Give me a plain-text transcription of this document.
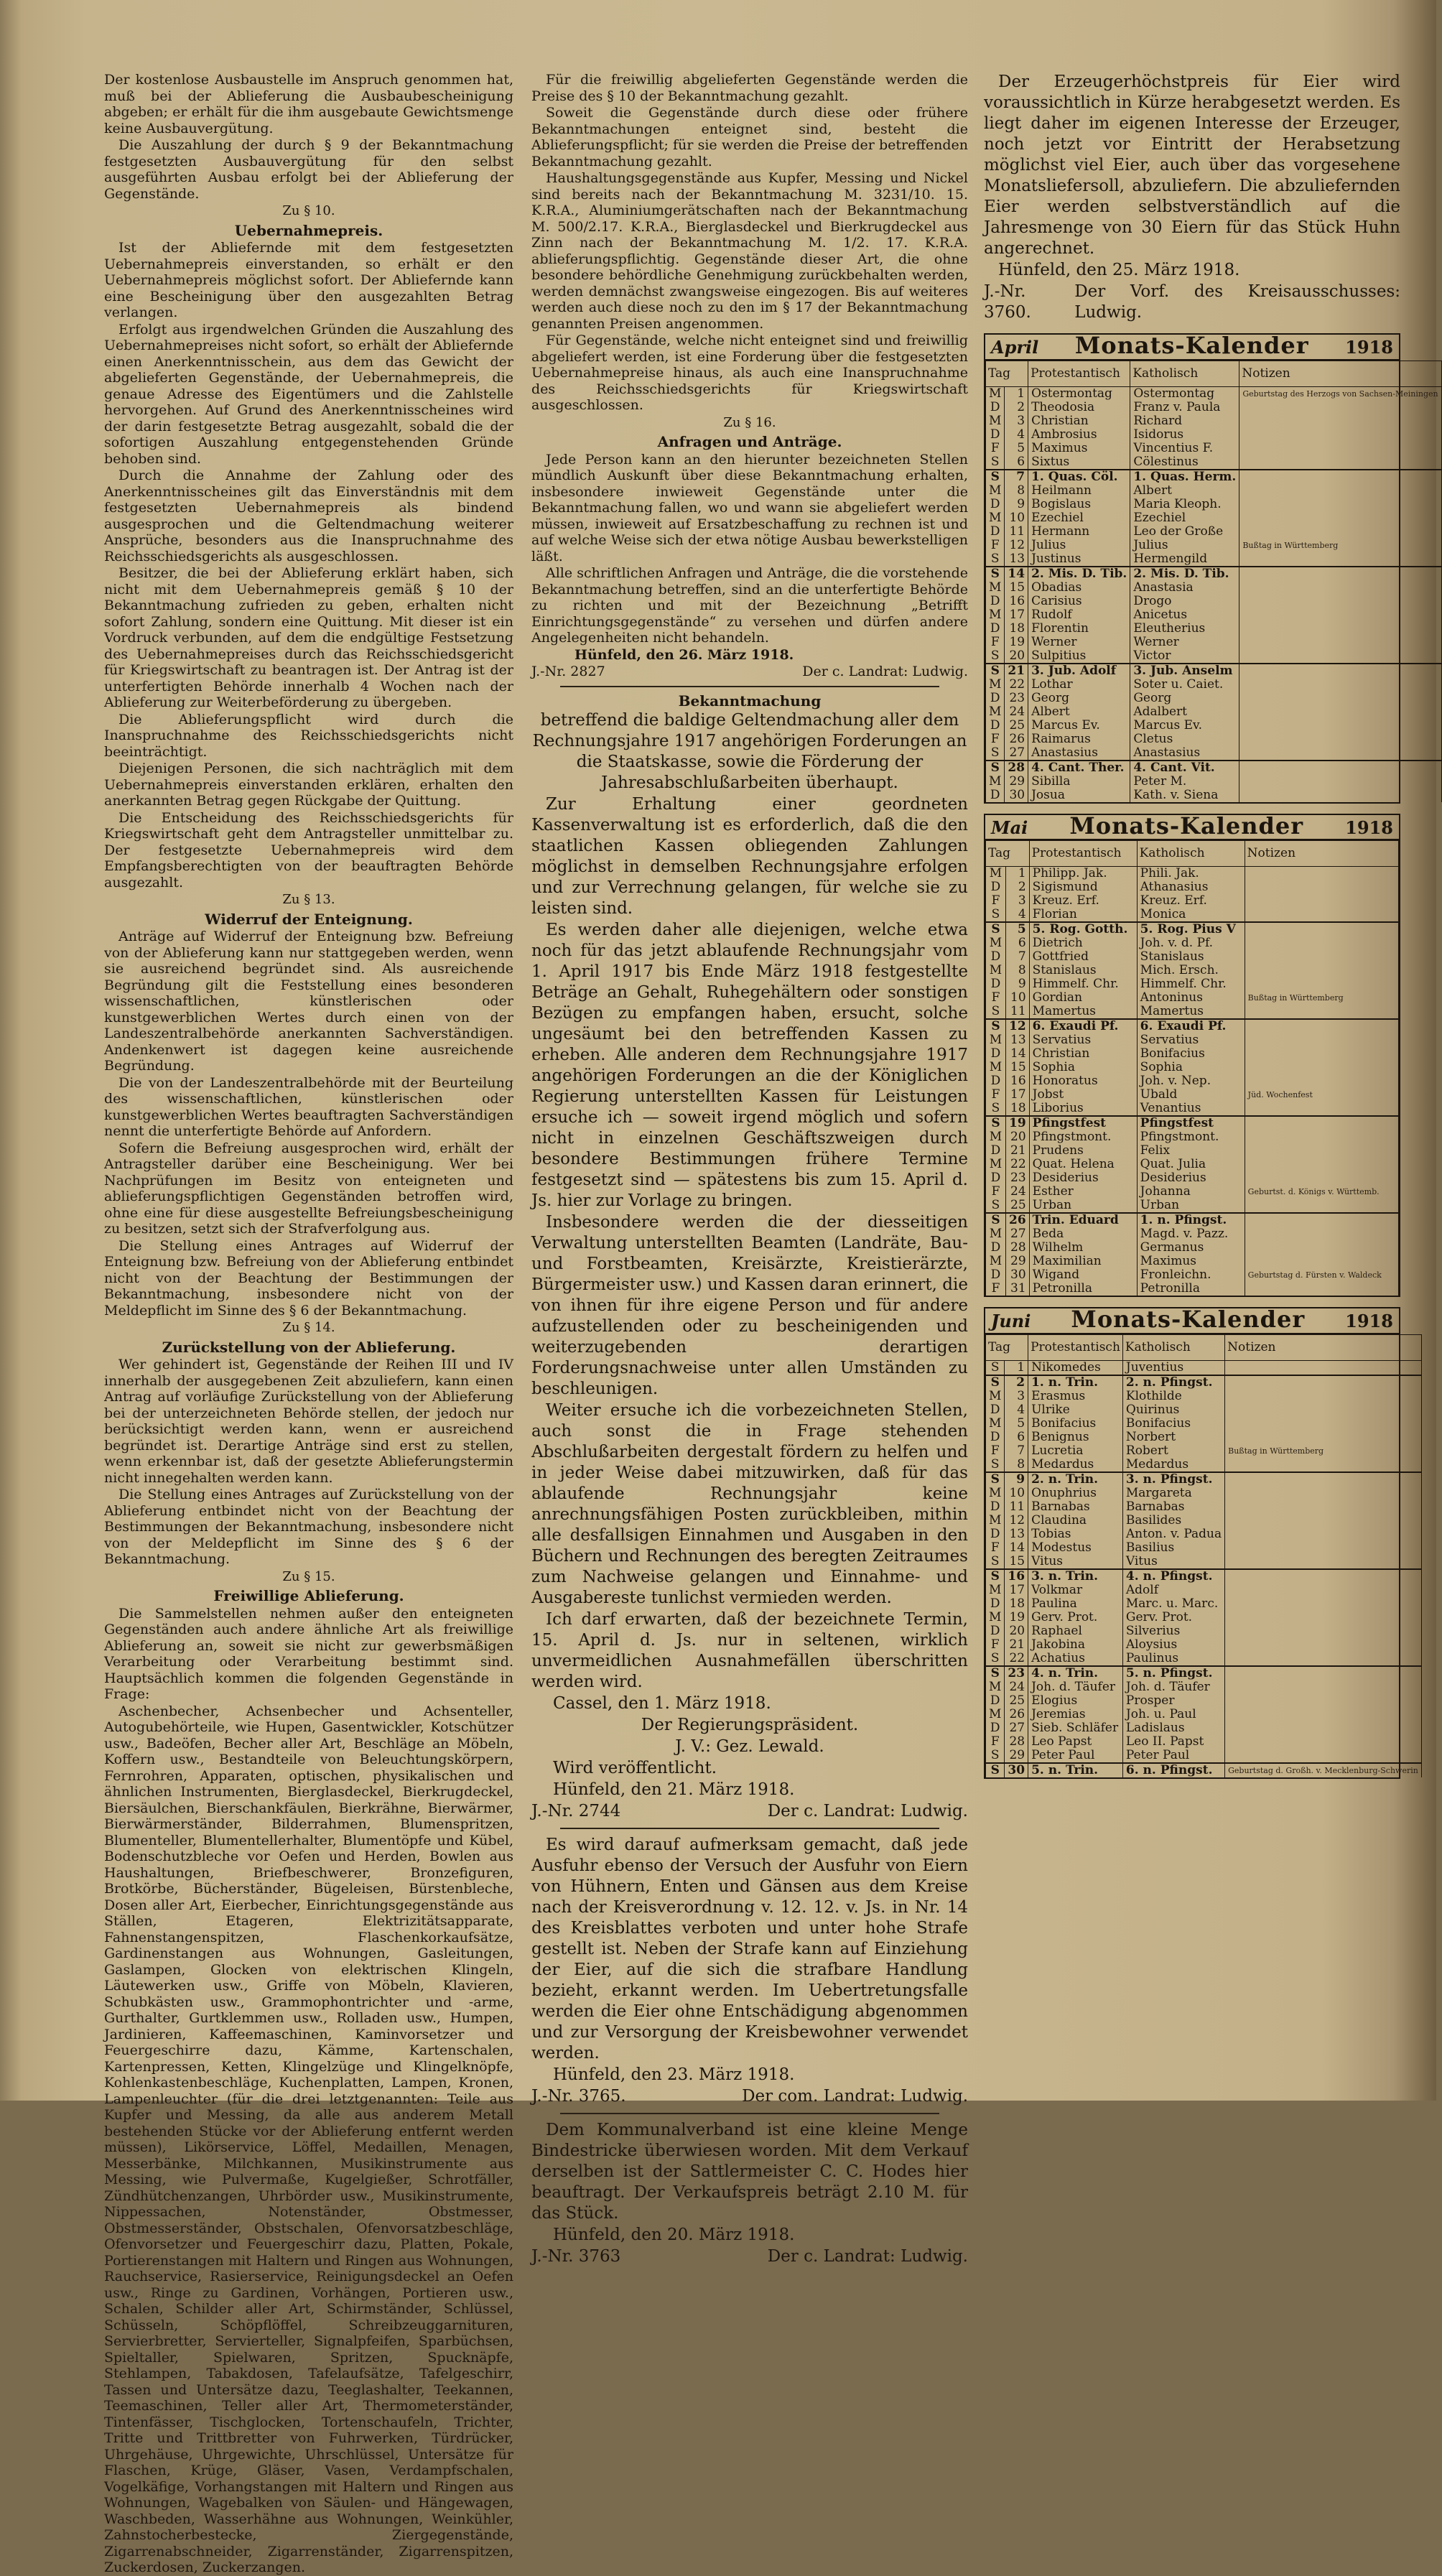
Der kostenlose Ausbaustelle im Anspruch genommen hat, muß bei der Ablieferung die Ausbaubescheinigung abgeben; er erhält für die ihm ausgebaute Gewichtsmenge keine Ausbauvergütung.

Die Auszahlung der durch § 9 der Bekanntmachung festgesetzten Ausbauvergütung für den selbst ausgeführten Ausbau erfolgt bei der Ablieferung der Gegenstände.

Zu § 10.
Uebernahmepreis.

Ist der Abliefernde mit dem festgesetzten Uebernahmepreis einverstanden, so erhält er den Uebernahmepreis möglichst sofort. Der Abliefernde kann eine Bescheinigung über den ausgezahlten Betrag verlangen.

Erfolgt aus irgendwelchen Gründen die Auszahlung des Uebernahmepreises nicht sofort, so erhält der Abliefernde einen Anerkenntnisschein, aus dem das Gewicht der abgelieferten Gegenstände, der Uebernahmepreis, die genaue Adresse des Eigentümers und die Zahlstelle hervorgehen. Auf Grund des Anerkenntnisscheines wird der darin festgesetzte Betrag ausgezahlt, sobald die der sofortigen Auszahlung entgegenstehenden Gründe behoben sind.

Durch die Annahme der Zahlung oder des Anerkenntnisscheines gilt das Einverständnis mit dem festgesetzten Uebernahmepreis als bindend ausgesprochen und die Geltendmachung weiterer Ansprüche, besonders aus die Inanspruchnahme des Reichsschiedsgerichts als ausgeschlossen.

Besitzer, die bei der Ablieferung erklärt haben, sich nicht mit dem Uebernahmepreis gemäß § 10 der Bekanntmachung zufrieden zu geben, erhalten nicht sofort Zahlung, sondern eine Quittung. Mit dieser ist ein Vordruck verbunden, auf dem die endgültige Festsetzung des Uebernahmepreises durch das Reichsschiedsgericht für Kriegswirtschaft zu beantragen ist. Der Antrag ist der unterfertigten Behörde innerhalb 4 Wochen nach der Ablieferung zur Weiterbeförderung zu übergeben.

Die Ablieferungspflicht wird durch die Inanspruchnahme des Reichsschiedsgerichts nicht beeinträchtigt.

Diejenigen Personen, die sich nachträglich mit dem Uebernahmepreis einverstanden erklären, erhalten den anerkannten Betrag gegen Rückgabe der Quittung.

Die Entscheidung des Reichsschiedsgerichts für Kriegswirtschaft geht dem Antragsteller unmittelbar zu. Der festgesetzte Uebernahmepreis wird dem Empfangsberechtigten von der beauftragten Behörde ausgezahlt.

Zu § 13.
Widerruf der Enteignung.

Anträge auf Widerruf der Enteignung bzw. Befreiung von der Ablieferung kann nur stattgegeben werden, wenn sie ausreichend begründet sind. Als ausreichende Begründung gilt die Feststellung eines besonderen wissenschaftlichen, künstlerischen oder kunstgewerblichen Wertes durch einen von der Landeszentralbehörde anerkannten Sachverständigen. Andenkenwert ist dagegen keine ausreichende Begründung.

Die von der Landeszentralbehörde mit der Beurteilung des wissenschaftlichen, künstlerischen oder kunstgewerblichen Wertes beauftragten Sachverständigen nennt die unterfertigte Behörde auf Anfordern.

Sofern die Befreiung ausgesprochen wird, erhält der Antragsteller darüber eine Bescheinigung. Wer bei Nachprüfungen im Besitz von enteigneten und ablieferungspflichtigen Gegenständen betroffen wird, ohne eine für diese ausgestellte Befreiungsbescheinigung zu besitzen, setzt sich der Strafverfolgung aus.

Die Stellung eines Antrages auf Widerruf der Enteignung bzw. Befreiung von der Ablieferung entbindet nicht von der Beachtung der Bestimmungen der Bekanntmachung, insbesondere nicht von der Meldepflicht im Sinne des § 6 der Bekanntmachung.

Zu § 14.
Zurückstellung von der Ablieferung.

Wer gehindert ist, Gegenstände der Reihen III und IV innerhalb der ausgegebenen Zeit abzuliefern, kann einen Antrag auf vorläufige Zurückstellung von der Ablieferung bei der unterzeichneten Behörde stellen, der jedoch nur berücksichtigt werden kann, wenn er ausreichend begründet ist. Derartige Anträge sind erst zu stellen, wenn erkennbar ist, daß der gesetzte Ablieferungstermin nicht innegehalten werden kann.

Die Stellung eines Antrages auf Zurückstellung von der Ablieferung entbindet nicht von der Beachtung der Bestimmungen der Bekanntmachung, insbesondere nicht von der Meldepflicht im Sinne des § 6 der Bekanntmachung.

Zu § 15.
Freiwillige Ablieferung.

Die Sammelstellen nehmen außer den enteigneten Gegenständen auch andere ähnliche Art als freiwillige Ablieferung an, soweit sie nicht zur gewerbsmäßigen Verarbeitung oder Verarbeitung bestimmt sind. Hauptsächlich kommen die folgenden Gegenstände in Frage:

Aschenbecher, Achsenbecher und Achsenteller, Autogubehörteile, wie Hupen, Gasentwickler, Kotschützer usw., Badeöfen, Becher aller Art, Beschläge an Möbeln, Koffern usw., Bestandteile von Beleuchtungskörpern, Fernrohren, Apparaten, optischen, physikalischen und ähnlichen Instrumenten, Bierglasdeckel, Bierkrugdeckel, Biersäulchen, Bierschankfäulen, Bierkrähne, Bierwärmer, Bierwärmerständer, Bilderrahmen, Blumenspritzen, Blumenteller, Blumentellerhalter, Blumentöpfe und Kübel, Bodenschutzbleche vor Oefen und Herden, Bowlen aus Haushaltungen, Briefbeschwerer, Bronzefiguren, Brotkörbe, Bücherständer, Bügeleisen, Bürstenbleche, Dosen aller Art, Eierbecher, Einrichtungsgegenstände aus Ställen, Etageren, Elektrizitätsapparate, Fahnenstangenspitzen, Flaschenkorkaufsätze, Gardinenstangen aus Wohnungen, Gasleitungen, Gaslampen, Glocken von elektrischen Klingeln, Läutewerken usw., Griffe von Möbeln, Klavieren, Schubkästen usw., Grammophontrichter und -arme, Gurthalter, Gurtklemmen usw., Rolladen usw., Humpen, Jardinieren, Kaffeemaschinen, Kaminvorsetzer und Feuergeschirre dazu, Kämme, Kartenschalen, Kartenpressen, Ketten, Klingelzüge und Klingelknöpfe, Kohlenkastenbeschläge, Kuchenplatten, Lampen, Kronen, Lampenleuchter (für die drei letztgenannten: Teile aus Kupfer und Messing, da alle aus anderem Metall bestehenden Stücke vor der Ablieferung entfernt werden müssen), Likörservice, Löffel, Medaillen, Menagen, Messerbänke, Milchkannen, Musikinstrumente aus Messing, wie Pulvermaße, Kugelgießer, Schrotfäller, Zündhütchenzangen, Uhrbörder usw., Musikinstrumente, Nippessachen, Notenständer, Obstmesser, Obstmesserständer, Obstschalen, Ofenvorsatzbeschläge, Ofenvorsetzer und Feuergeschirr dazu, Platten, Pokale, Portierenstangen mit Haltern und Ringen aus Wohnungen, Rauchservice, Rasierservice, Reinigungsdeckel an Oefen usw., Ringe zu Gardinen, Vorhängen, Portieren usw., Schalen, Schilder aller Art, Schirmständer, Schlüssel, Schüsseln, Schöpflöffel, Schreibzeuggarnituren, Servierbretter, Servierteller, Signalpfeifen, Sparbüchsen, Spieltaller, Spielwaren, Spritzen, Spucknäpfe, Stehlampen, Tabakdosen, Tafelaufsätze, Tafelgeschirr, Tassen und Untersätze dazu, Teeglashalter, Teekannen, Teemaschinen, Teller aller Art, Thermometerständer, Tintenfässer, Tischglocken, Tortenschaufeln, Trichter, Tritte und Trittbretter von Fuhrwerken, Türdrücker, Uhrgehäuse, Uhrgewichte, Uhrschlüssel, Untersätze für Flaschen, Krüge, Gläser, Vasen, Verdampfschalen, Vogelkäfige, Vorhangstangen mit Haltern und Ringen aus Wohnungen, Wagebalken von Säulen- und Hängewagen, Waschbeden, Wasserhähne aus Wohnungen, Weinkühler, Zahnstocherbestecke, Ziergegenstände, Zigarrenabschneider, Zigarrenständer, Zigarrenspitzen, Zuckerdosen, Zuckerzangen.

Für die freiwillig abgelieferten Gegenstände werden die Preise des § 10 der Bekanntmachung gezahlt.

Soweit die Gegenstände durch diese oder frühere Bekanntmachungen enteignet sind, besteht die Ablieferungspflicht; für sie werden die Preise der betreffenden Bekanntmachung gezahlt.

Haushaltungsgegenstände aus Kupfer, Messing und Nickel sind bereits nach der Bekanntmachung M. 3231/10. 15. K.R.A., Aluminiumgerätschaften nach der Bekanntmachung M. 500/2.17. K.R.A., Bierglasdeckel und Bierkrugdeckel aus Zinn nach der Bekanntmachung M. 1/2. 17. K.R.A. ablieferungspflichtig. Gegenstände dieser Art, die ohne besondere behördliche Genehmigung zurückbehalten werden, werden demnächst zwangsweise eingezogen. Bis auf weiteres werden auch diese noch zu den im § 17 der Bekanntmachung genannten Preisen angenommen.

Für Gegenstände, welche nicht enteignet sind und freiwillig abgeliefert werden, ist eine Forderung über die festgesetzten Uebernahmepreise hinaus, als auch eine Inanspruchnahme des Reichsschiedsgerichts für Kriegswirtschaft ausgeschlossen.

Zu § 16.
Anfragen und Anträge.

Jede Person kann an den hierunter bezeichneten Stellen mündlich Auskunft über diese Bekanntmachung erhalten, insbesondere inwieweit Gegenstände unter die Bekanntmachung fallen, wo und wann sie abgeliefert werden müssen, inwieweit auf Ersatzbeschaffung zu rechnen ist und auf welche Weise sich der etwa nötige Ausbau bewerkstelligen läßt.

Alle schriftlichen Anfragen und Anträge, die die vorstehende Bekanntmachung betreffen, sind an die unterfertigte Behörde zu richten und mit der Bezeichnung „Betrifft Einrichtungsgegenstände“ zu versehen und dürfen andere Angelegenheiten nicht behandeln.

Hünfeld, den 26. März 1918.

J.-Nr. 2827	Der c. Landrat: Ludwig.
Bekanntmachung

betreffend die baldige Geltendmachung aller dem Rechnungsjahre 1917 angehörigen Forderungen an die Staatskasse, sowie die Förderung der Jahresabschlußarbeiten überhaupt.

Zur Erhaltung einer geordneten Kassenverwaltung ist es erforderlich, daß die den staatlichen Kassen obliegenden Zahlungen möglichst in demselben Rechnungsjahre erfolgen und zur Verrechnung gelangen, für welche sie zu leisten sind.

Es werden daher alle diejenigen, welche etwa noch für das jetzt ablaufende Rechnungsjahr vom 1. April 1917 bis Ende März 1918 festgestellte Beträge an Gehalt, Ruhegehältern oder sonstigen Bezügen zu empfangen haben, ersucht, solche ungesäumt bei den betreffenden Kassen zu erheben. Alle anderen dem Rechnungsjahre 1917 angehörigen Forderungen an die der Königlichen Regierung unterstellten Kassen für Leistungen ersuche ich — soweit irgend möglich und sofern nicht in einzelnen Geschäftszweigen durch besondere Bestimmungen frühere Termine festgesetzt sind — spätestens bis zum 15. April d. Js. hier zur Vorlage zu bringen.

Insbesondere werden die der diesseitigen Verwaltung unterstellten Beamten (Landräte, Bau- und Forstbeamten, Kreisärzte, Kreistierärzte, Bürgermeister usw.) und Kassen daran erinnert, die von ihnen für ihre eigene Person und für andere aufzustellenden oder zu bescheinigenden und weiterzugebenden derartigen Forderungsnachweise unter allen Umständen zu beschleunigen.

Weiter ersuche ich die vorbezeichneten Stellen, auch sonst die in Frage stehenden Abschlußarbeiten dergestalt fördern zu helfen und in jeder Weise dabei mitzuwirken, daß für das ablaufende Rechnungsjahr keine anrechnungsfähigen Posten zurückbleiben, mithin alle desfallsigen Einnahmen und Ausgaben in den Büchern und Rechnungen des beregten Zeitraumes zum Nachweise gelangen und Einnahme- und Ausgabereste tunlichst vermieden werden.

Ich darf erwarten, daß der bezeichnete Termin, 15. April d. Js. nur in seltenen, wirklich unvermeidlichen Ausnahmefällen überschritten werden wird.

Cassel, den 1. März 1918.

Der Regierungspräsident.

J. V.: Gez. Lewald.

Wird veröffentlicht.

Hünfeld, den 21. März 1918.

J.-Nr. 2744	Der c. Landrat: Ludwig.

Es wird darauf aufmerksam gemacht, daß jede Ausfuhr ebenso der Versuch der Ausfuhr von Eiern von Hühnern, Enten und Gänsen aus dem Kreise nach der Kreisverordnung v. 12. 12. v. Js. in Nr. 14 des Kreisblattes verboten und unter hohe Strafe gestellt ist. Neben der Strafe kann auf Einziehung der Eier, auf die sich die strafbare Handlung bezieht, erkannt werden. Im Uebertretungsfalle werden die Eier ohne Entschädigung abgenommen und zur Versorgung der Kreisbewohner verwendet werden.

Hünfeld, den 23. März 1918.

J.-Nr. 3765.	Der com. Landrat: Ludwig.

Dem Kommunalverband ist eine kleine Menge Bindestricke überwiesen worden. Mit dem Verkauf derselben ist der Sattlermeister C. C. Hodes hier beauftragt. Der Verkaufspreis beträgt 2.10 M. für das Stück.

Hünfeld, den 20. März 1918.

J.-Nr. 3763	Der c. Landrat: Ludwig.

Der Erzeugerhöchstpreis für Eier wird voraussichtlich in Kürze herabgesetzt werden. Es liegt daher im eigenen Interesse der Erzeuger, noch jetzt vor Eintritt der Herabsetzung möglichst viel Eier, auch über das vorgesehene Monatsliefersoll, abzuliefern. Die abzuliefernden Eier werden selbstverständlich auf die Jahresmenge von 30 Eiern für das Stück Huhn angerechnet.

Hünfeld, den 25. März 1918.

J.-Nr. 3760.
Der Vorf. des Kreisausschusses: Ludwig.
April Monats-Kalender 1918
Tag		Protestantisch	Katholisch	Notizen
M	1	Ostermontag	Ostermontag	Geburtstag des Herzogs von Sachsen-Meiningen
D	2	Theodosia	Franz v. Paula	
M	3	Christian	Richard	
D	4	Ambrosius	Isidorus	
F	5	Maximus	Vincentius F.	
S	6	Sixtus	Cölestinus	
S	7	1. Quas. Cöl.	1. Quas. Herm.	
M	8	Heilmann	Albert	
D	9	Bogislaus	Maria Kleoph.	
M	10	Ezechiel	Ezechiel	
D	11	Hermann	Leo der Große	
F	12	Julius	Julius	Bußtag in Württemberg
S	13	Justinus	Hermengild	
S	14	2. Mis. D. Tib.	2. Mis. D. Tib.	
M	15	Obadias	Anastasia	
D	16	Carisius	Drogo	
M	17	Rudolf	Anicetus	
D	18	Florentin	Eleutherius	
F	19	Werner	Werner	
S	20	Sulpitius	Victor	
S	21	3. Jub. Adolf	3. Jub. Anselm	
M	22	Lothar	Soter u. Caiet.	
D	23	Georg	Georg	
M	24	Albert	Adalbert	
D	25	Marcus Ev.	Marcus Ev.	
F	26	Raimarus	Cletus	
S	27	Anastasius	Anastasius	
S	28	4. Cant. Ther.	4. Cant. Vit.	
M	29	Sibilla	Peter M.	
D	30	Josua	Kath. v. Siena	
Mai Monats-Kalender 1918
Tag		Protestantisch	Katholisch	Notizen
M	1	Philipp. Jak.	Phili. Jak.	
D	2	Sigismund	Athanasius	
F	3	Kreuz. Erf.	Kreuz. Erf.	
S	4	Florian	Monica	
S	5	5. Rog. Gotth.	5. Rog. Pius V	
M	6	Dietrich	Joh. v. d. Pf.	
D	7	Gottfried	Stanislaus	
M	8	Stanislaus	Mich. Ersch.	
D	9	Himmelf. Chr.	Himmelf. Chr.	
F	10	Gordian	Antoninus	Bußtag in Württemberg
S	11	Mamertus	Mamertus	
S	12	6. Exaudi Pf.	6. Exaudi Pf.	
M	13	Servatius	Servatius	
D	14	Christian	Bonifacius	
M	15	Sophia	Sophia	
D	16	Honoratus	Joh. v. Nep.	
F	17	Jobst	Ubald	Jüd. Wochenfest
S	18	Liborius	Venantius	
S	19	Pfingstfest	Pfingstfest	
M	20	Pfingstmont.	Pfingstmont.	
D	21	Prudens	Felix	
M	22	Quat. Helena	Quat. Julia	
D	23	Desiderius	Desiderius	
F	24	Esther	Johanna	Geburtst. d. Königs v. Württemb.
S	25	Urban	Urban	
S	26	Trin. Eduard	1. n. Pfingst.	
M	27	Beda	Magd. v. Pazz.	
D	28	Wilhelm	Germanus	
M	29	Maximilian	Maximus	
D	30	Wigand	Fronleichn.	Geburtstag d. Fürsten v. Waldeck
F	31	Petronilla	Petronilla	
Juni Monats-Kalender 1918
Tag		Protestantisch	Katholisch	Notizen
S	1	Nikomedes	Juventius	
S	2	1. n. Trin.	2. n. Pfingst.	
M	3	Erasmus	Klothilde	
D	4	Ulrike	Quirinus	
M	5	Bonifacius	Bonifacius	
D	6	Benignus	Norbert	
F	7	Lucretia	Robert	Bußtag in Württemberg
S	8	Medardus	Medardus	
S	9	2. n. Trin.	3. n. Pfingst.	
M	10	Onuphrius	Margareta	
D	11	Barnabas	Barnabas	
M	12	Claudina	Basilides	
D	13	Tobias	Anton. v. Padua	
F	14	Modestus	Basilius	
S	15	Vitus	Vitus	
S	16	3. n. Trin.	4. n. Pfingst.	
M	17	Volkmar	Adolf	
D	18	Paulina	Marc. u. Marc.	
M	19	Gerv. Prot.	Gerv. Prot.	
D	20	Raphael	Silverius	
F	21	Jakobina	Aloysius	
S	22	Achatius	Paulinus	
S	23	4. n. Trin.	5. n. Pfingst.	
M	24	Joh. d. Täufer	Joh. d. Täufer	
D	25	Elogius	Prosper	
M	26	Jeremias	Joh. u. Paul	
D	27	Sieb. Schläfer	Ladislaus	
F	28	Leo Papst	Leo II. Papst	
S	29	Peter Paul	Peter Paul	
S	30	5. n. Trin.	6. n. Pfingst.	Geburtstag d. Großh. v. Mecklenburg-Schwerin
